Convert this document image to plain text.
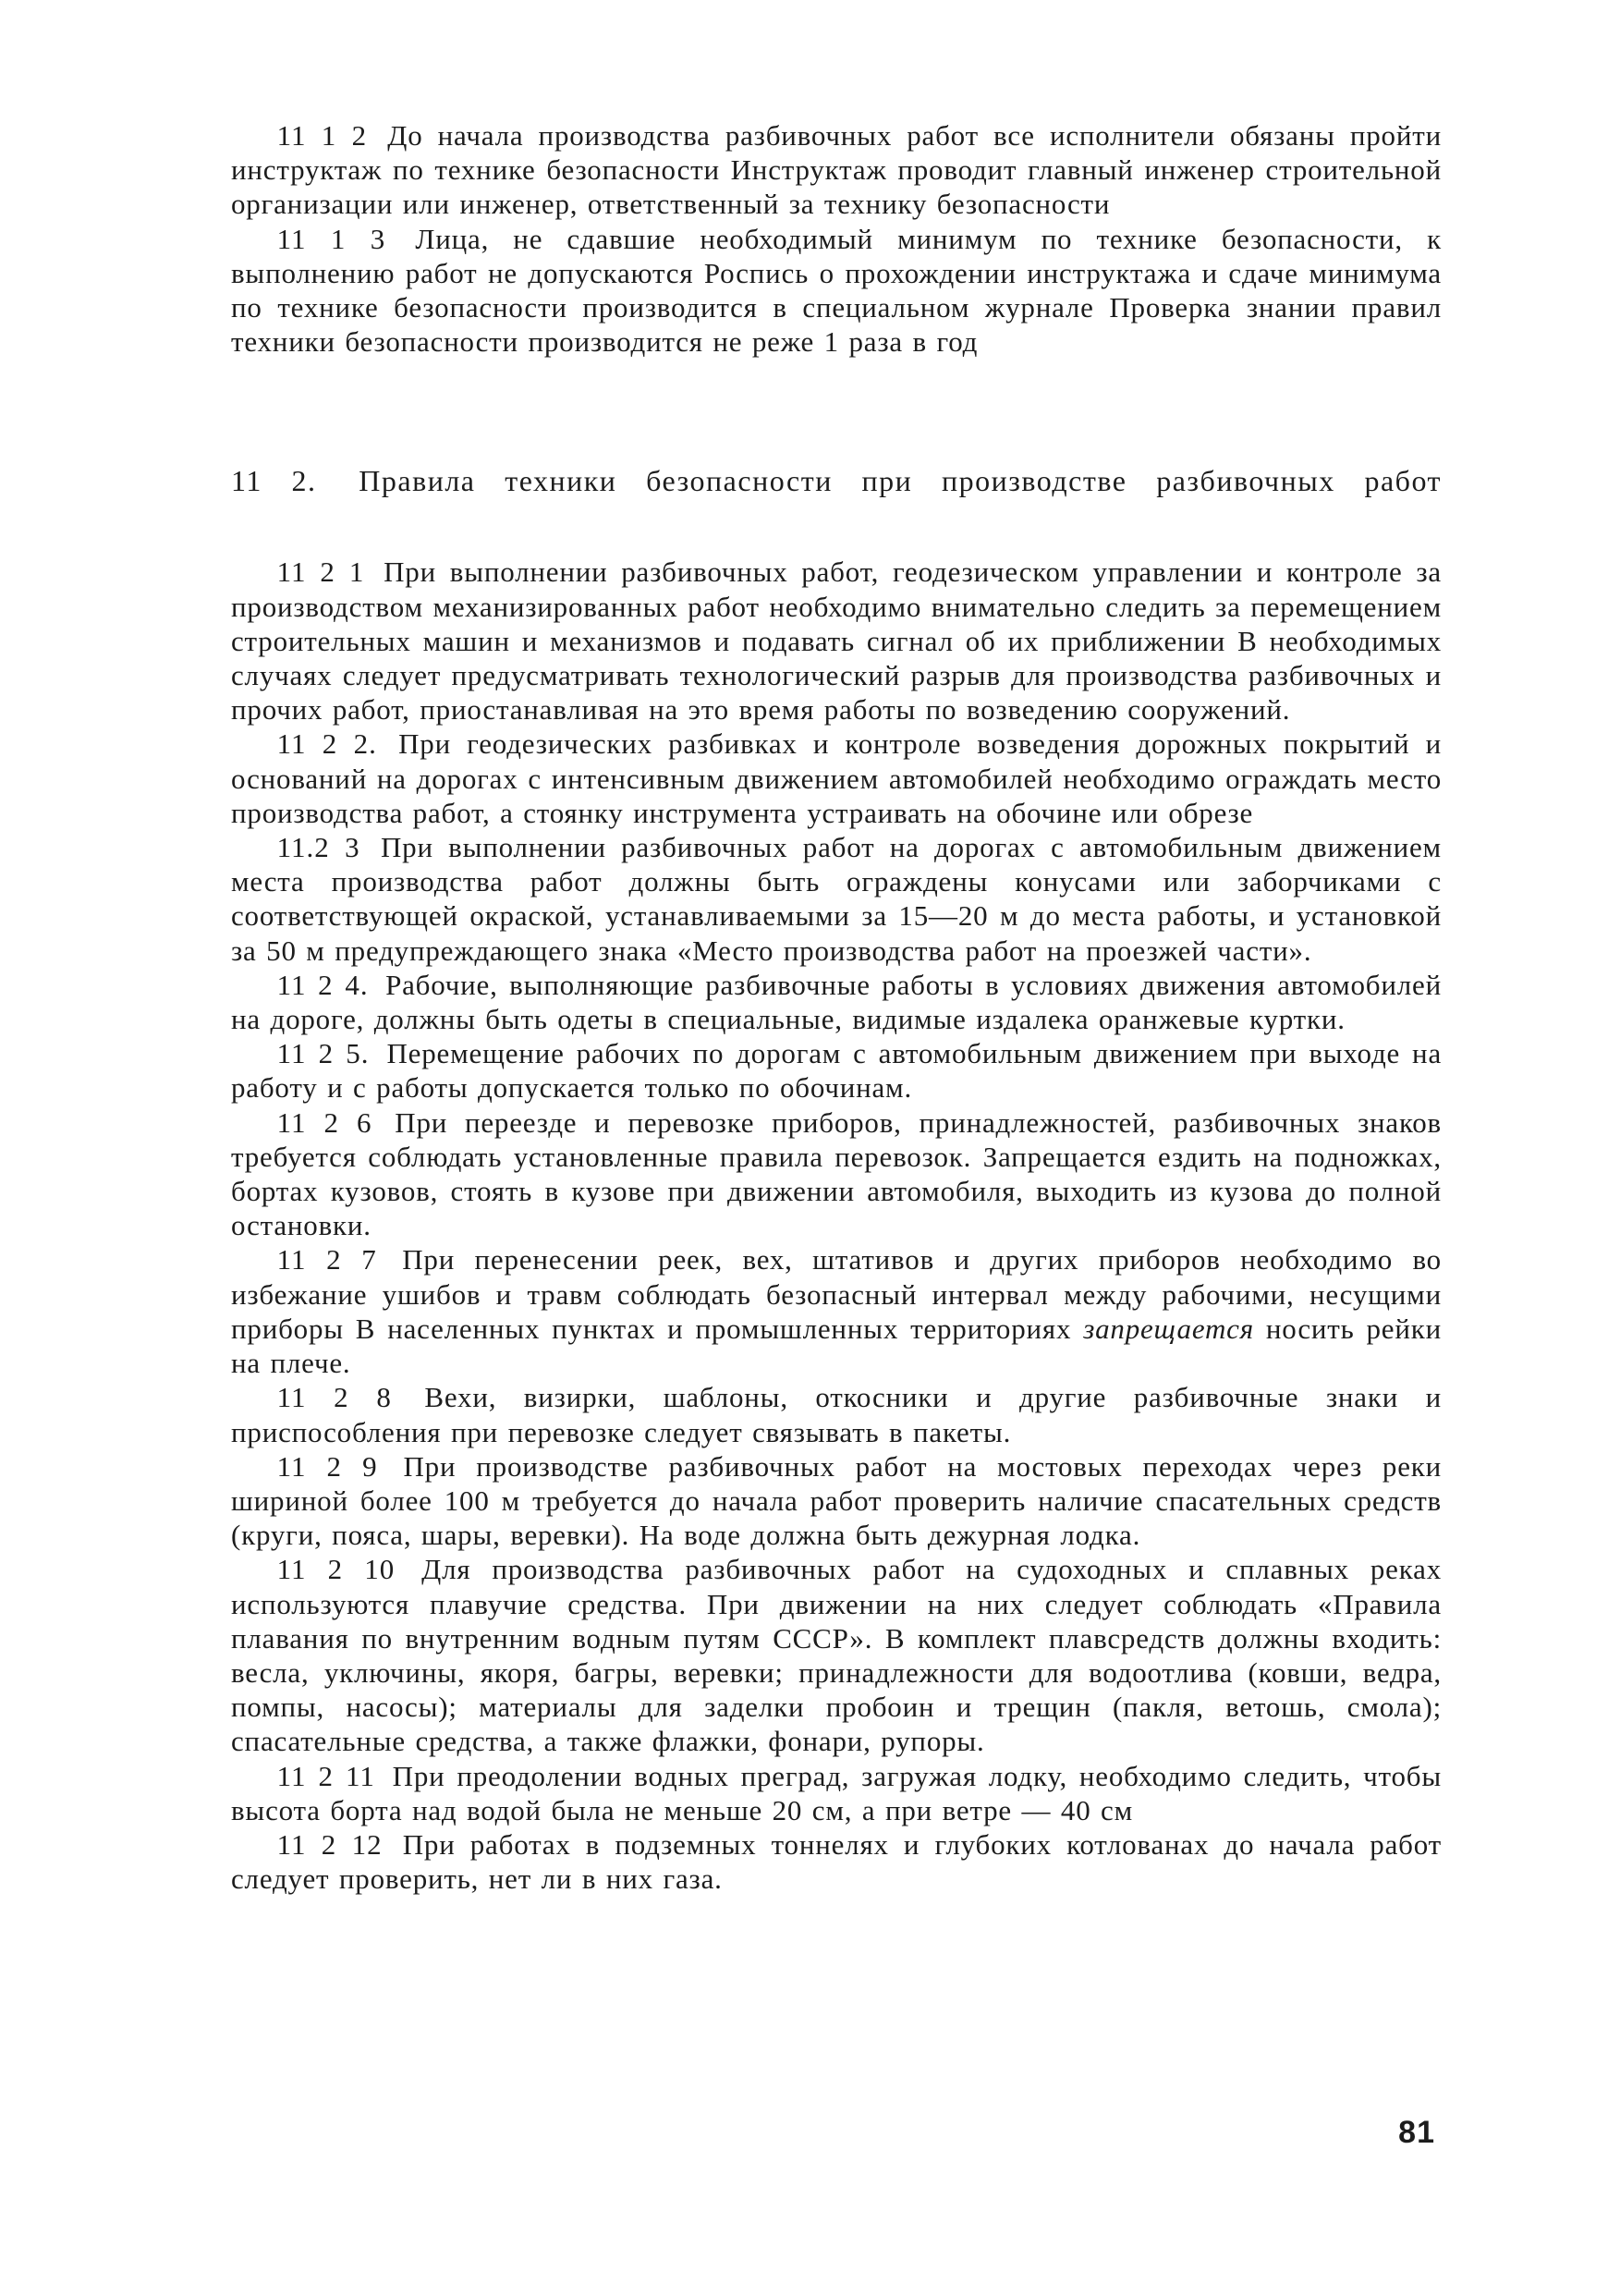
11 1 2 До начала производства разбивочных работ все исполнители обязаны пройти инструктаж по технике безопасности Инструктаж проводит главный инженер строительной организации или инженер, ответственный за технику безопасности

11 1 3 Лица, не сдавшие необходимый минимум по технике безопасности, к выполнению работ не допускаются Роспись о прохождении инструктажа и сдаче минимума по технике безопасности производится в специальном журнале Проверка знании правил техники безопасности производится не реже 1 раза в год

11 2. Правила техники безопасности при производстве разбивочных работ

11 2 1 При выполнении разбивочных работ, геодезическом управлении и контроле за производством механизированных работ необходимо внимательно следить за перемещением строительных машин и механизмов и подавать сигнал об их приближении В необходимых случаях следует предусматривать технологический разрыв для производства разбивочных и прочих работ, приостанавливая на это время работы по возведению сооружений.

11 2 2. При геодезических разбивках и контроле возведения дорожных покрытий и оснований на дорогах с интенсивным движением автомобилей необходимо ограждать место производства работ, а стоянку инструмента устраивать на обочине или обрезе

11.2 3 При выполнении разбивочных работ на дорогах с автомобильным движением места производства работ должны быть ограждены конусами или заборчиками с соответствующей окраской, устанавливаемыми за 15—20 м до места работы, и установкой за 50 м предупреждающего знака «Место производства работ на проезжей части».

11 2 4. Рабочие, выполняющие разбивочные работы в условиях движения автомобилей на дороге, должны быть одеты в специальные, видимые издалека оранжевые куртки.

11 2 5. Перемещение рабочих по дорогам с автомобильным движением при выходе на работу и с работы допускается только по обочинам.

11 2 6 При переезде и перевозке приборов, принадлежностей, разбивочных знаков требуется соблюдать установленные правила перевозок. Запрещается ездить на подножках, бортах кузовов, стоять в кузове при движении автомобиля, выходить из кузова до полной остановки.

11 2 7 При перенесении реек, вех, штативов и других приборов необходимо во избежание ушибов и травм соблюдать безопасный интервал между рабочими, несущими приборы В населенных пунктах и промышленных территориях запрещается носить рейки на плече.

11 2 8 Вехи, визирки, шаблоны, откосники и другие разбивочные знаки и приспособления при перевозке следует связывать в пакеты.

11 2 9 При производстве разбивочных работ на мостовых переходах через реки шириной более 100 м требуется до начала работ проверить наличие спасательных средств (круги, пояса, шары, веревки). На воде должна быть дежурная лодка.

11 2 10 Для производства разбивочных работ на судоходных и сплавных реках используются плавучие средства. При движении на них следует соблюдать «Правила плавания по внутренним водным путям СССР». В комплект плавсредств должны входить: весла, уключины, якоря, багры, веревки; принадлежности для водоотлива (ковши, ведра, помпы, насосы); материалы для заделки пробоин и трещин (пакля, ветошь, смола); спасательные средства, а также флажки, фонари, рупоры.

11 2 11 При преодолении водных преград, загружая лодку, необходимо следить, чтобы высота борта над водой была не меньше 20 см, а при ветре — 40 см

11 2 12 При работах в подземных тоннелях и глубоких котлованах до начала работ следует проверить, нет ли в них газа.

81
